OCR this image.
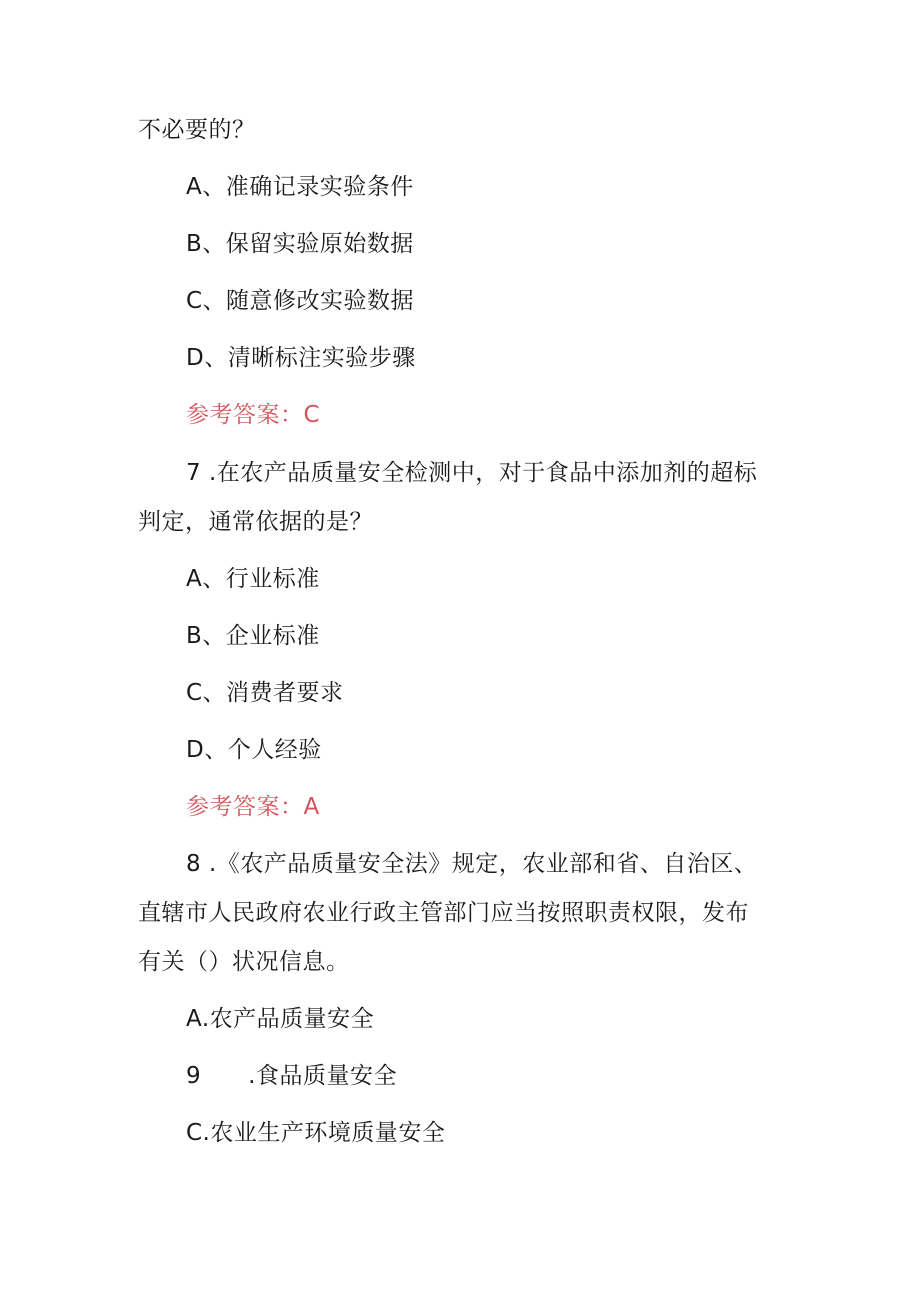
不必要的？
A、准确记录实验条件
B、保留实验原始数据
C、随意修改实验数据
D、清晰标注实验步骤
参考答案：C
7 .在农产品质量安全检测中，对于食品中添加剂的超标
判定，通常依据的是？
A、行业标准
B、企业标准
C、消费者要求
D、个人经验
参考答案：A
8 .《农产品质量安全法》规定，农业部和省、自治区、
直辖市人民政府农业行政主管部门应当按照职责权限，发布
有关（）状况信息。
A.农产品质量安全
9　　.食品质量安全
C.农业生产环境质量安全
